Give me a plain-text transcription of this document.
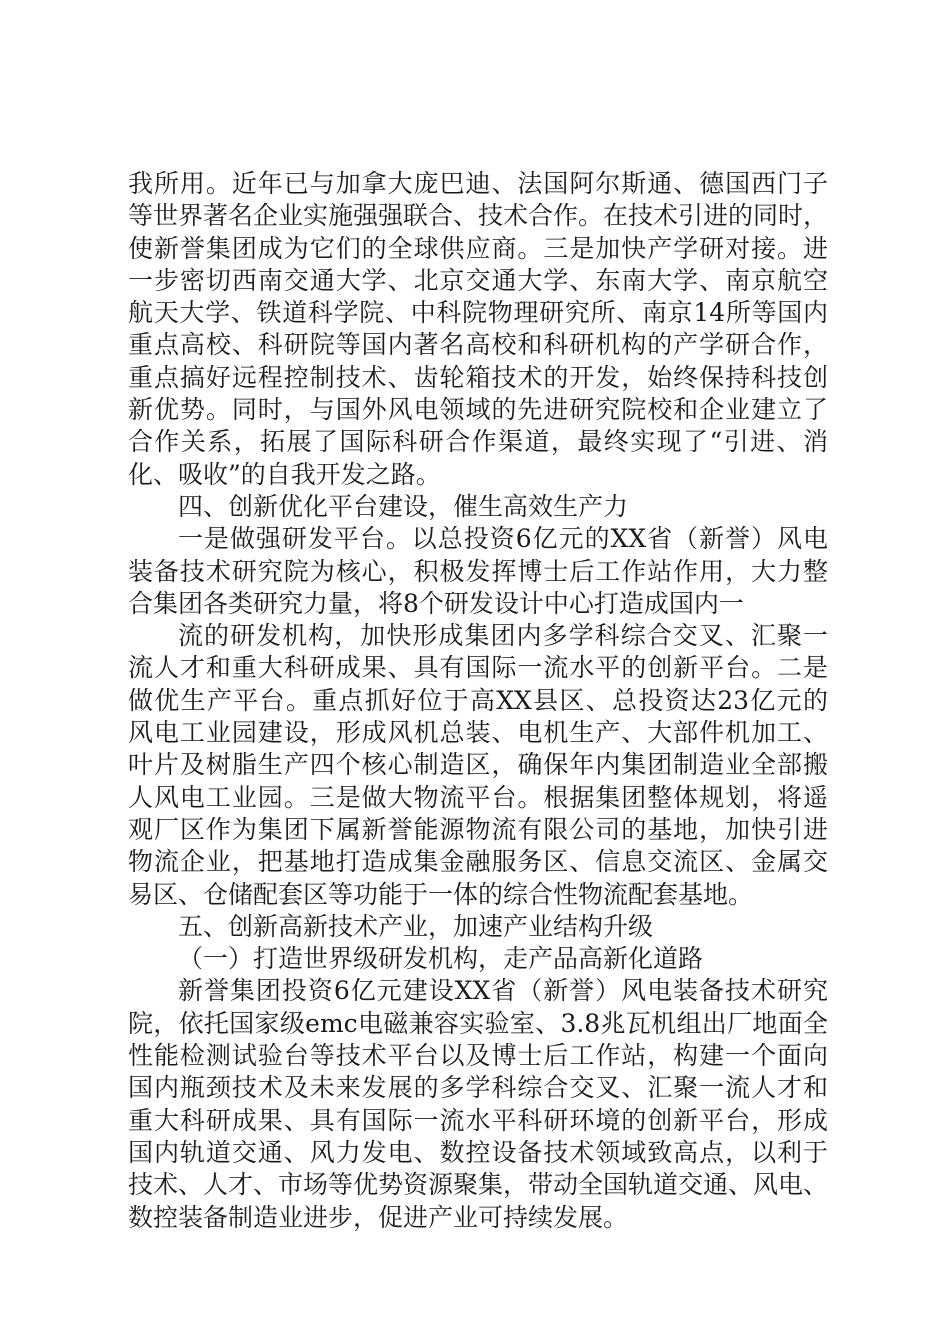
我所用。近年已与加拿大庞巴迪、法国阿尔斯通、德国西门子
等世界著名企业实施强强联合、技术合作。在技术引进的同时，
使新誉集团成为它们的全球供应商。三是加快产学研对接。进
一步密切西南交通大学、北京交通大学、东南大学、南京航空
航天大学、铁道科学院、中科院物理研究所、南京14所等国内
重点高校、科研院等国内著名高校和科研机构的产学研合作，
重点搞好远程控制技术、齿轮箱技术的开发，始终保持科技创
新优势。同时，与国外风电领域的先进研究院校和企业建立了
合作关系，拓展了国际科研合作渠道，最终实现了“引进、消
化、吸收”的自我开发之路。
四、创新优化平台建设，催生高效生产力
一是做强研发平台。以总投资6亿元的XX省（新誉）风电
装备技术研究院为核心，积极发挥博士后工作站作用，大力整
合集团各类研究力量，将8个研发设计中心打造成国内一
流的研发机构，加快形成集团内多学科综合交叉、汇聚一
流人才和重大科研成果、具有国际一流水平的创新平台。二是
做优生产平台。重点抓好位于高XX县区、总投资达23亿元的
风电工业园建设，形成风机总装、电机生产、大部件机加工、
叶片及树脂生产四个核心制造区，确保年内集团制造业全部搬
人风电工业园。三是做大物流平台。根据集团整体规划，将遥
观厂区作为集团下属新誉能源物流有限公司的基地，加快引进
物流企业，把基地打造成集金融服务区、信息交流区、金属交
易区、仓储配套区等功能于一体的综合性物流配套基地。
五、创新高新技术产业，加速产业结构升级
（一）打造世界级研发机构，走产品高新化道路
新誉集团投资6亿元建设XX省（新誉）风电装备技术研究
院，依托国家级emc电磁兼容实验室、3.8兆瓦机组出厂地面全
性能检测试验台等技术平台以及博士后工作站，构建一个面向
国内瓶颈技术及未来发展的多学科综合交叉、汇聚一流人才和
重大科研成果、具有国际一流水平科研环境的创新平台，形成
国内轨道交通、风力发电、数控设备技术领域致高点，以利于
技术、人才、市场等优势资源聚集，带动全国轨道交通、风电、
数控装备制造业进步，促进产业可持续发展。
